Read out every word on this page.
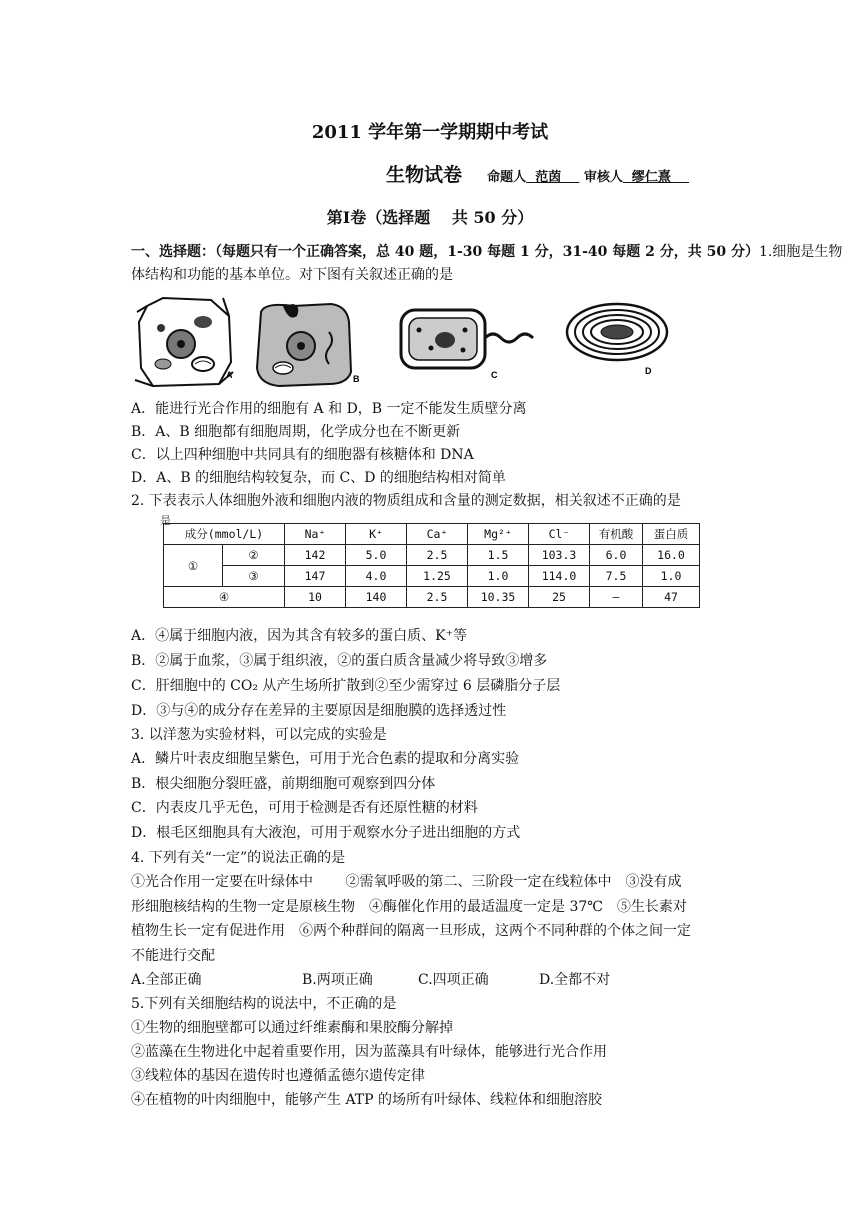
2011 学年第一学期期中考试
生物试卷 命题人 范茵 审核人 缪仁熹
第Ⅰ卷（选择题　 共 50 分）
一、选择题：（每题只有一个正确答案，总 40 题，1-30 每题 1 分，31-40 每题 2 分，共 50 分）1.细胞是生物
体结构和功能的基本单位。对下图有关叙述正确的是
A	B	C	D
A．能进行光合作用的细胞有 A 和 D，B 一定不能发生质壁分离
B．A、B 细胞都有细胞周期，化学成分也在不断更新
C．以上四种细胞中共同具有的细胞器有核糖体和 DNA
D．A、B 的细胞结构较复杂，而 C、D 的细胞结构相对简单
2. 下表表示人体细胞外液和细胞内液的物质组成和含量的测定数据，相关叙述不正确的是
是
成分(mmol/L)		Na⁺	K⁺	Ca⁺	Mg²⁺	Cl⁻	有机酸	蛋白质
①	②	142	5.0	2.5	1.5	103.3	6.0	16.0
	③	147	4.0	1.25	1.0	114.0	7.5	1.0
④		10	140	2.5	10.35	25	—	47
A．④属于细胞内液，因为其含有较多的蛋白质、K⁺等
B．②属于血浆，③属于组织液，②的蛋白质含量减少将导致③增多
C．肝细胞中的 CO₂ 从产生场所扩散到②至少需穿过 6 层磷脂分子层
D．③与④的成分存在差异的主要原因是细胞膜的选择透过性
3. 以洋葱为实验材料，可以完成的实验是
A．鳞片叶表皮细胞呈紫色，可用于光合色素的提取和分离实验
B．根尖细胞分裂旺盛，前期细胞可观察到四分体
C．内表皮几乎无色，可用于检测是否有还原性糖的材料
D．根毛区细胞具有大液泡，可用于观察水分子进出细胞的方式
4. 下列有关“一定”的说法正确的是
①光合作用一定要在叶绿体中　　 ②需氧呼吸的第二、三阶段一定在线粒体中　③没有成
形细胞核结构的生物一定是原核生物　④酶催化作用的最适温度一定是 37℃　⑤生长素对
植物生长一定有促进作用　⑥两个种群间的隔离一旦形成，这两个不同种群的个体之间一定
不能进行交配
A.全部正确	B.两项正确	C.四项正确	D.全都不对
5.下列有关细胞结构的说法中，不正确的是
①生物的细胞壁都可以通过纤维素酶和果胶酶分解掉
②蓝藻在生物进化中起着重要作用，因为蓝藻具有叶绿体，能够进行光合作用
③线粒体的基因在遗传时也遵循孟德尔遗传定律
④在植物的叶肉细胞中，能够产生 ATP 的场所有叶绿体、线粒体和细胞溶胶
